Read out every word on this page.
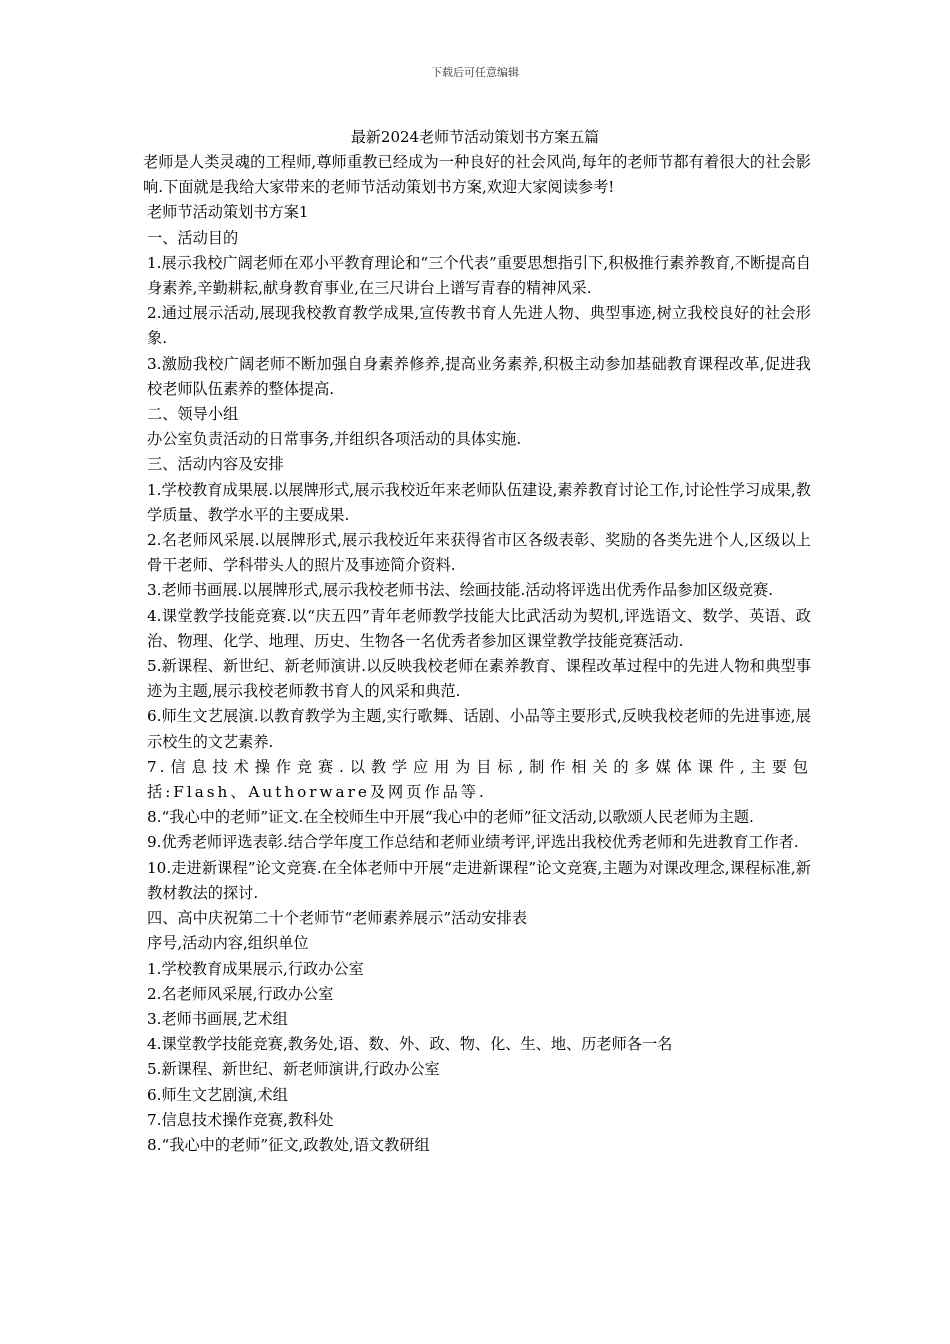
下载后可任意编辑
最新2024老师节活动策划书方案五篇

老师是人类灵魂的工程师,尊师重教已经成为一种良好的社会风尚,每年的老师节都有着很大的社会影响.下面就是我给大家带来的老师节活动策划书方案,欢迎大家阅读参考!

老师节活动策划书方案1

一、活动目的

1.展示我校广阔老师在邓小平教育理论和“三个代表”重要思想指引下,积极推行素养教育,不断提高自身素养,辛勤耕耘,献身教育事业,在三尺讲台上谱写青春的精神风采.

2.通过展示活动,展现我校教育教学成果,宣传教书育人先进人物、典型事迹,树立我校良好的社会形象.

3.激励我校广阔老师不断加强自身素养修养,提高业务素养,积极主动参加基础教育课程改革,促进我校老师队伍素养的整体提高.

二、领导小组

办公室负责活动的日常事务,并组织各项活动的具体实施.

三、活动内容及安排

1.学校教育成果展.以展牌形式,展示我校近年来老师队伍建设,素养教育讨论工作,讨论性学习成果,教学质量、教学水平的主要成果.

2.名老师风采展.以展牌形式,展示我校近年来获得省市区各级表彰、奖励的各类先进个人,区级以上骨干老师、学科带头人的照片及事迹简介资料.

3.老师书画展.以展牌形式,展示我校老师书法、绘画技能.活动将评选出优秀作品参加区级竞赛.

4.课堂教学技能竞赛.以“庆五四”青年老师教学技能大比武活动为契机,评选语文、数学、英语、政治、物理、化学、地理、历史、生物各一名优秀者参加区课堂教学技能竞赛活动.

5.新课程、新世纪、新老师演讲.以反映我校老师在素养教育、课程改革过程中的先进人物和典型事迹为主题,展示我校老师教书育人的风采和典范.

6.师生文艺展演.以教育教学为主题,实行歌舞、话剧、小品等主要形式,反映我校老师的先进事迹,展示校生的文艺素养.

7.信息技术操作竞赛.以教学应用为目标,制作相关的多媒体课件,主要包括:Flash、Authorware及网页作品等.

8.“我心中的老师”证文.在全校师生中开展“我心中的老师”征文活动,以歌颂人民老师为主题.

9.优秀老师评选表彰.结合学年度工作总结和老师业绩考评,评选出我校优秀老师和先进教育工作者.

10.走进新课程”论文竞赛.在全体老师中开展“走进新课程”论文竞赛,主题为对课改理念,课程标准,新教材教法的探讨.

四、高中庆祝第二十个老师节“老师素养展示”活动安排表

序号,活动内容,组织单位

1.学校教育成果展示,行政办公室

2.名老师风采展,行政办公室

3.老师书画展,艺术组

4.课堂教学技能竞赛,教务处,语、数、外、政、物、化、生、地、历老师各一名

5.新课程、新世纪、新老师演讲,行政办公室

6.师生文艺剧演,术组

7.信息技术操作竞赛,教科处

8.“我心中的老师”征文,政教处,语文教研组
